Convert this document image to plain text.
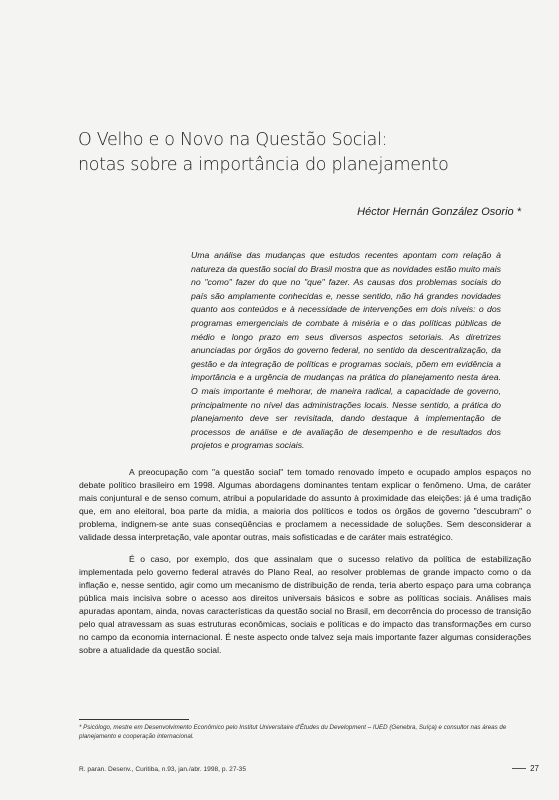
O Velho e o Novo na Questão Social:
notas sobre a importância do planejamento
Héctor Hernán González Osorio *
Uma análise das mudanças que estudos recentes apontam com relação à natureza da questão social do Brasil mostra que as novidades estão muito mais no "como" fazer do que no "que" fazer. As causas dos problemas sociais do país são amplamente conhecidas e, nesse sentido, não há grandes novidades quanto aos conteúdos e à necessidade de intervenções em dois níveis: o dos programas emergenciais de combate à miséria e o das políticas públicas de médio e longo prazo em seus diversos aspectos setoriais. As diretrizes anunciadas por órgãos do governo federal, no sentido da descentralização, da gestão e da integração de políticas e programas sociais, põem em evidência a importância e a urgência de mudanças na prática do planejamento nesta área. O mais importante é melhorar, de maneira radical, a capacidade de governo, principalmente no nível das administrações locais. Nesse sentido, a prática do planejamento deve ser revisitada, dando destaque à implementação de processos de análise e de avaliação de desempenho e de resultados dos projetos e programas sociais.

A preocupação com "a questão social" tem tomado renovado ímpeto e ocupado amplos espaços no debate político brasileiro em 1998. Algumas abordagens dominantes tentam explicar o fenômeno. Uma, de caráter mais conjuntural e de senso comum, atribui a popularidade do assunto à proximidade das eleições: já é uma tradição que, em ano eleitoral, boa parte da mídia, a maioria dos políticos e todos os órgãos de governo "descubram" o problema, indignem-se ante suas conseqüências e proclamem a necessidade de soluções. Sem desconsiderar a validade dessa interpretação, vale apontar outras, mais sofisticadas e de caráter mais estratégico.

É o caso, por exemplo, dos que assinalam que o sucesso relativo da política de estabilização implementada pelo governo federal através do Plano Real, ao resolver problemas de grande impacto como o da inflação e, nesse sentido, agir como um mecanismo de distribuição de renda, teria aberto espaço para uma cobrança pública mais incisiva sobre o acesso aos direitos universais básicos e sobre as políticas sociais. Análises mais apuradas apontam, ainda, novas características da questão social no Brasil, em decorrência do processo de transição pelo qual atravessam as suas estruturas econômicas, sociais e políticas e do impacto das transformações em curso no campo da economia internacional. É neste aspecto onde talvez seja mais importante fazer algumas considerações sobre a atualidade da questão social.

* Psicólogo, mestre em Desenvolvimento Econômico pelo Institut Universitaire d'Études du Development – IUED (Genebra, Suíça) e consultor nas áreas de planejamento e cooperação internacional.
R. paran. Desenv., Curitiba, n.93, jan./abr. 1998, p. 27-35	27
